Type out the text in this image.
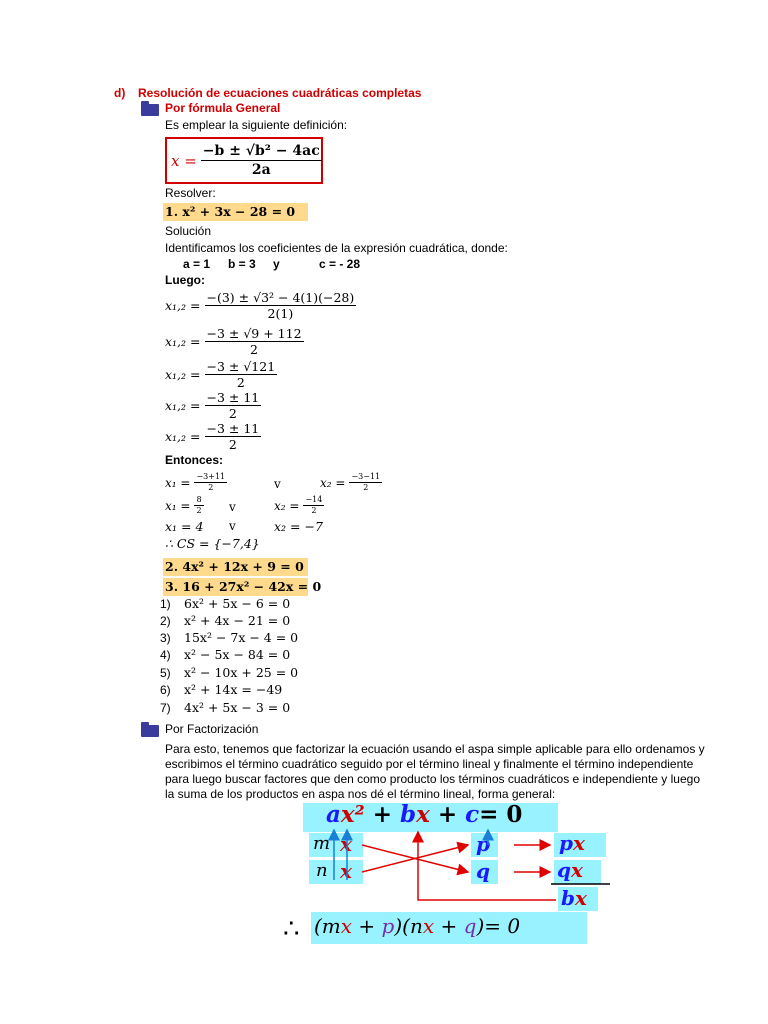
d) Resolución de ecuaciones cuadráticas completas
Por fórmula General
Es emplear la siguiente definición:
$x = \frac{\text{−b ± √b² − 4ac}}{2a}$
Resolver:
1. x² + 3x − 28 = 0
Solución
Identificamos los coeficientes de la expresión cuadrática, donde:
a = 1 b = 3 y	c = - 28
Luego:
$x_1,_2 = \frac{\text{−(3) ± √3² − 4(1)(−28)}}{2(1)}$
$x_1,_2 = \frac{-3 \pm √9 + 112}{2}$
$x_1,_2 = \frac{-3 \pm √121}{2}$
$x_1,_2 = \frac{-3 \pm 11}{2}$
$x_1,_2 = \frac{-3 \pm 11}{2}$
Entonces:
$x_1 = \frac{-3+11}{2}$	v	$x_2 = \frac{-3-11}{2}$
$x_1 = \frac{8}{2}$ v	$x_2 = \frac{-14}{2}$
x₁ = 4 v	x₂ = −7
∴ CS = {−7,4}
2. 4x² + 12x + 9 = 0
3. 16 + 27x² − 42x = 0
1) 6x² + 5x − 6 = 0
2) x² + 4x − 21 = 0
3) 15x² − 7x − 4 = 0
4) x² − 5x − 84 = 0
5) x² − 10x + 25 = 0
6) x² + 14x = −49
7) 4x² + 5x − 3 = 0
Por Factorización
Para esto, tenemos que factorizar la ecuación usando el aspa simple aplicable para ello ordenamos y
escribimos el término cuadrático seguido por el término lineal y finalmente el término independiente
para luego buscar factores que den como producto los términos cuadráticos e independiente y luego
la suma de los productos en aspa nos dé el término lineal, forma general:
ax² + bx + c= 0
m x
n x
p
q
px
qx
bx
∴ (mx + p)(nx + q)= 0
